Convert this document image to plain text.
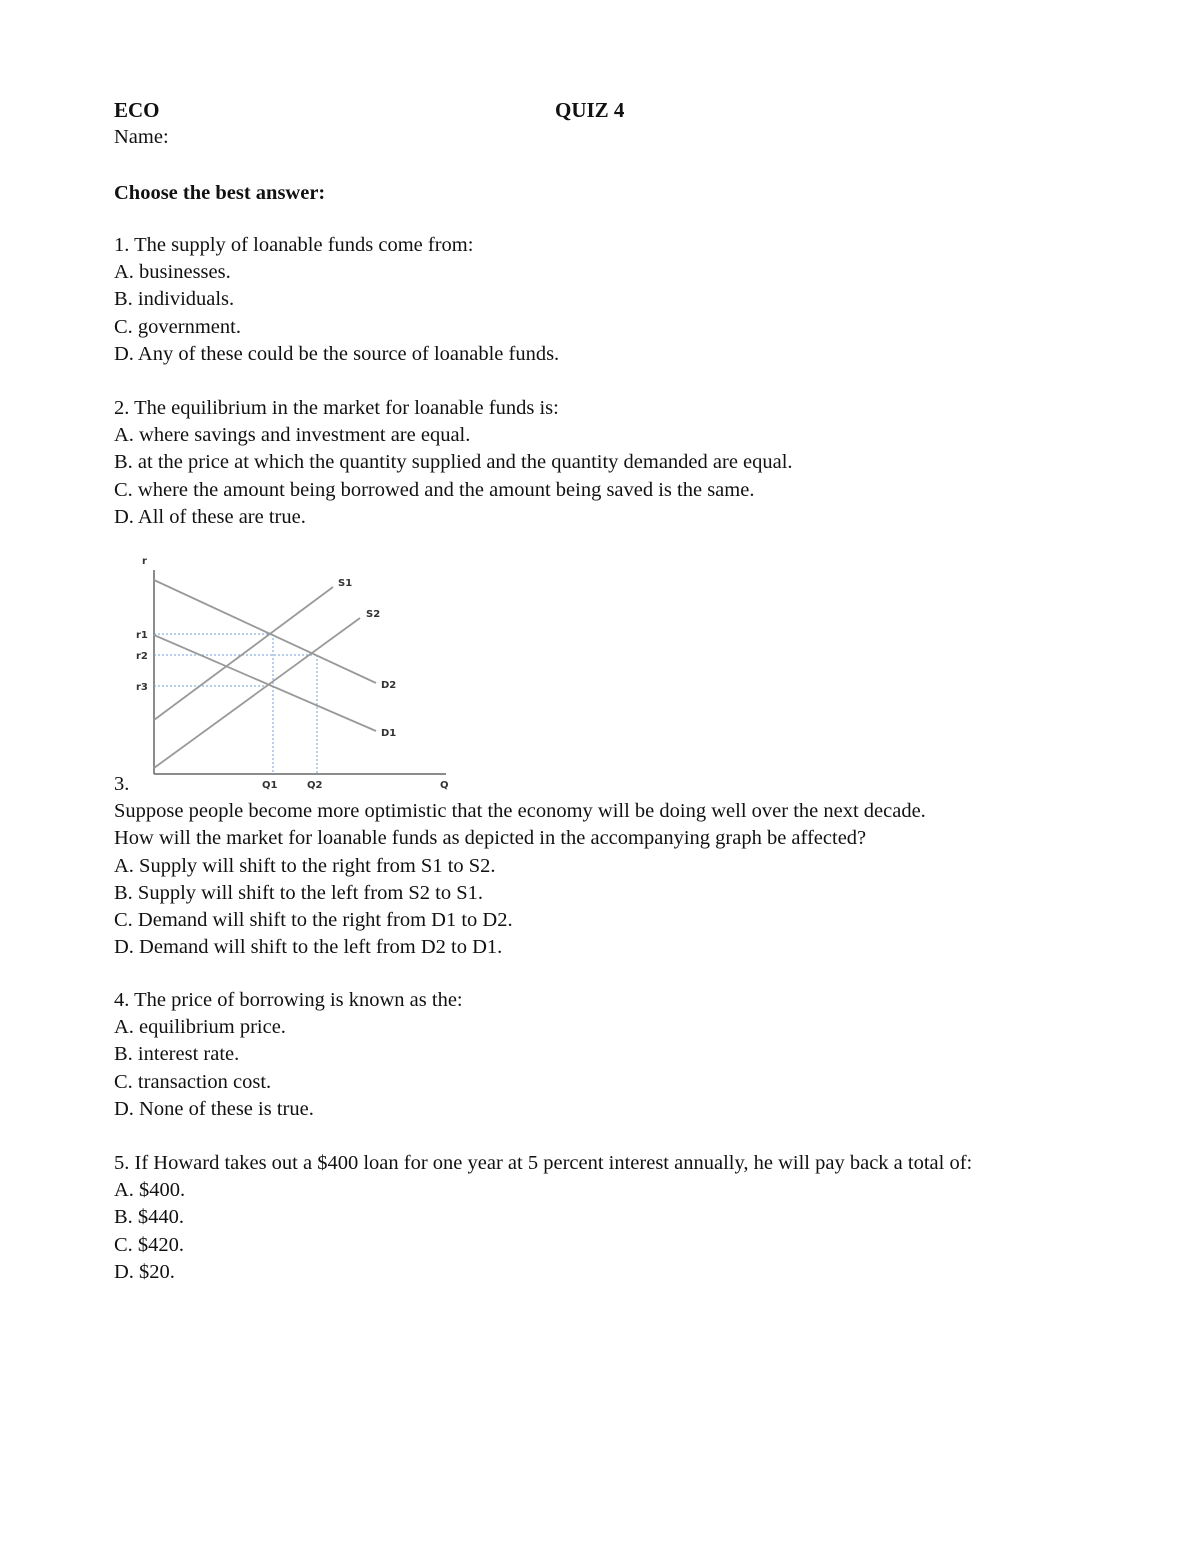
ECO	QUIZ 4
Name:
Choose the best answer:
1. The supply of loanable funds come from:
A. businesses.
B. individuals.
C. government.
D. Any of these could be the source of loanable funds.
2. The equilibrium in the market for loanable funds is:
A. where savings and investment are equal.
B. at the price at which the quantity supplied and the quantity demanded are equal.
C. where the amount being borrowed and the amount being saved is the same.
D. All of these are true.
r
Q
S1
S2
D2
D1
r1
r2
r3
Q1	Q2
3.
Suppose people become more optimistic that the economy will be doing well over the next decade.
How will the market for loanable funds as depicted in the accompanying graph be affected?
A. Supply will shift to the right from S1 to S2.
B. Supply will shift to the left from S2 to S1.
C. Demand will shift to the right from D1 to D2.
D. Demand will shift to the left from D2 to D1.
4. The price of borrowing is known as the:
A. equilibrium price.
B. interest rate.
C. transaction cost.
D. None of these is true.
5. If Howard takes out a $400 loan for one year at 5 percent interest annually, he will pay back a total of:
A. $400.
B. $440.
C. $420.
D. $20.
